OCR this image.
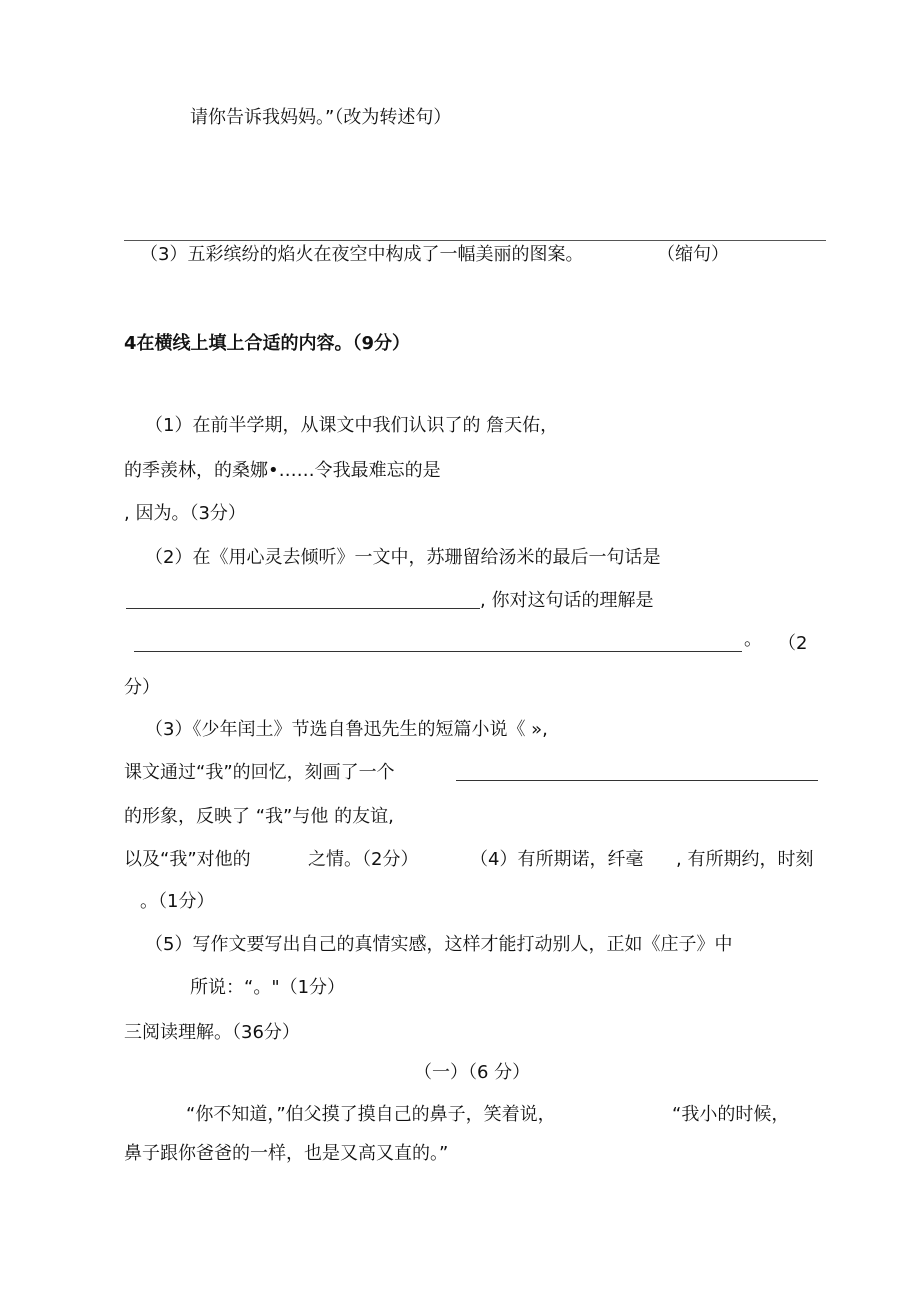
请你告诉我妈妈。”（改为转述句）
（3）五彩缤纷的焰火在夜空中构成了一幅美丽的图案。	（缩句）
4在横线上填上合适的内容。（9分）
（1）在前半学期，从课文中我们认识了的 詹天佑，
的季羡林，的桑娜•……令我最难忘的是
, 因为。（3分）
（2）在《用心灵去倾听》一文中，苏珊留给汤米的最后一句话是
, 你对这句话的理解是
。 （2
分）
（3）《少年闰土》节选自鲁迅先生的短篇小说《 »,
课文通过“我”的回忆，刻画了一个
的形象，反映了 “我”与他 的友谊,
以及“我”对他的	之情。（2分）	（4）有所期诺，纤毫 , 有所期约，时刻
。（1分）
（5）写作文要写出自己的真情实感，这样才能打动别人，正如《庄子》中
所说：“。"（1分）
三阅读理解。（36分）
（一）（6 分）
“你不知道，”伯父摸了摸自己的鼻子，笑着说，	“我小的时候，
鼻子跟你爸爸的一样，也是又高又直的。”
